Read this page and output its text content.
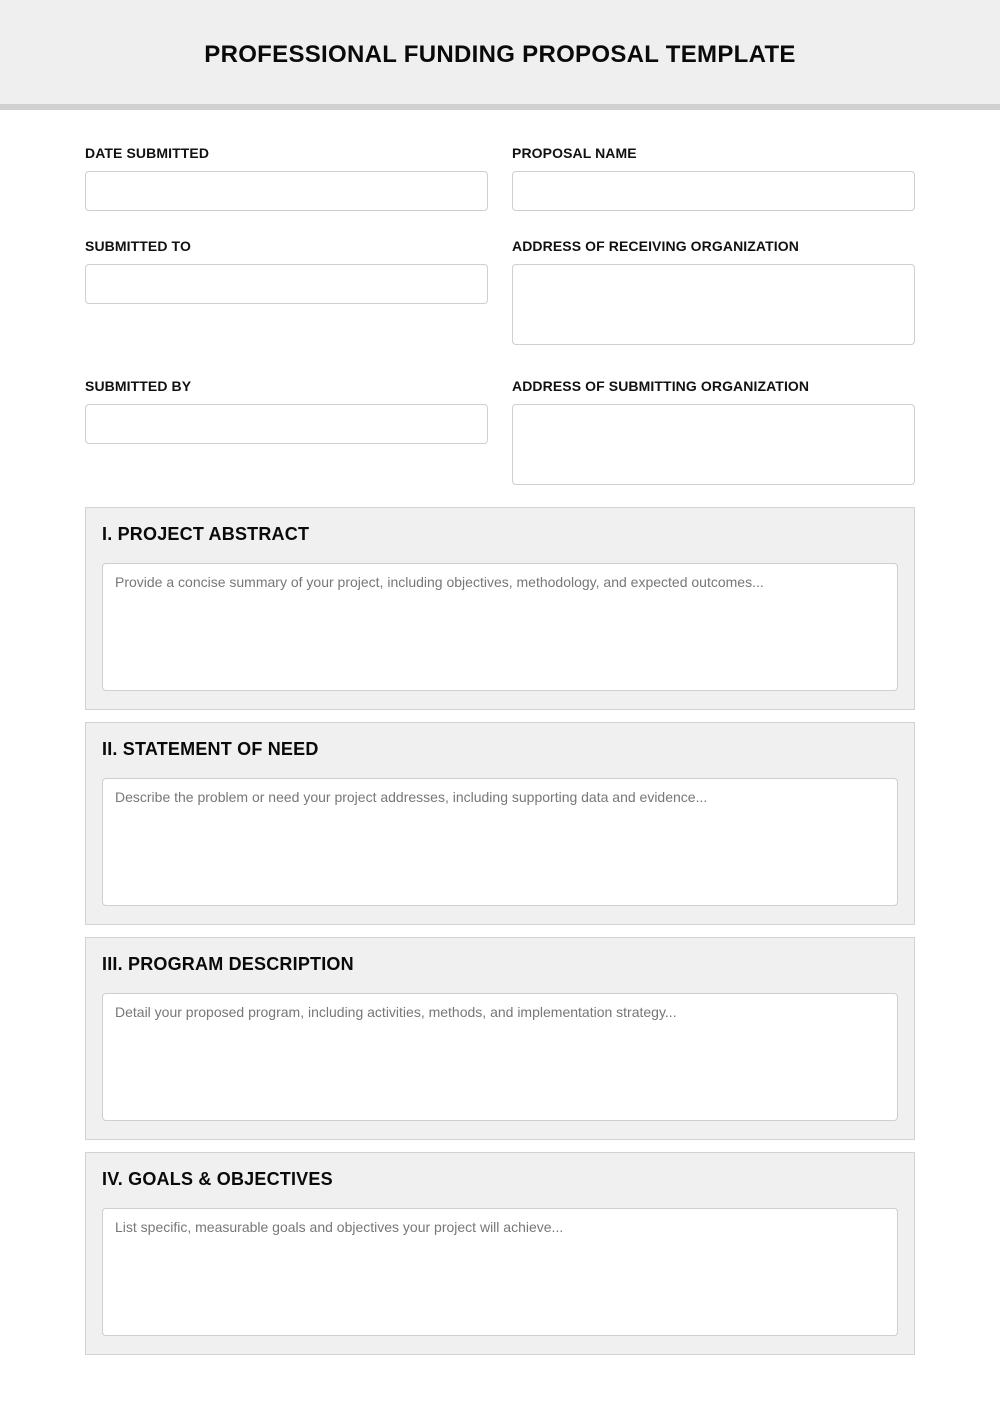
PROFESSIONAL FUNDING PROPOSAL TEMPLATE
DATE SUBMITTED	PROPOSAL NAME
SUBMITTED TO	ADDRESS OF RECEIVING ORGANIZATION
SUBMITTED BY	ADDRESS OF SUBMITTING ORGANIZATION
I. PROJECT ABSTRACT
Provide a concise summary of your project, including objectives, methodology, and expected outcomes...
II. STATEMENT OF NEED
Describe the problem or need your project addresses, including supporting data and evidence...
III. PROGRAM DESCRIPTION
Detail your proposed program, including activities, methods, and implementation strategy...
IV. GOALS & OBJECTIVES
List specific, measurable goals and objectives your project will achieve...
